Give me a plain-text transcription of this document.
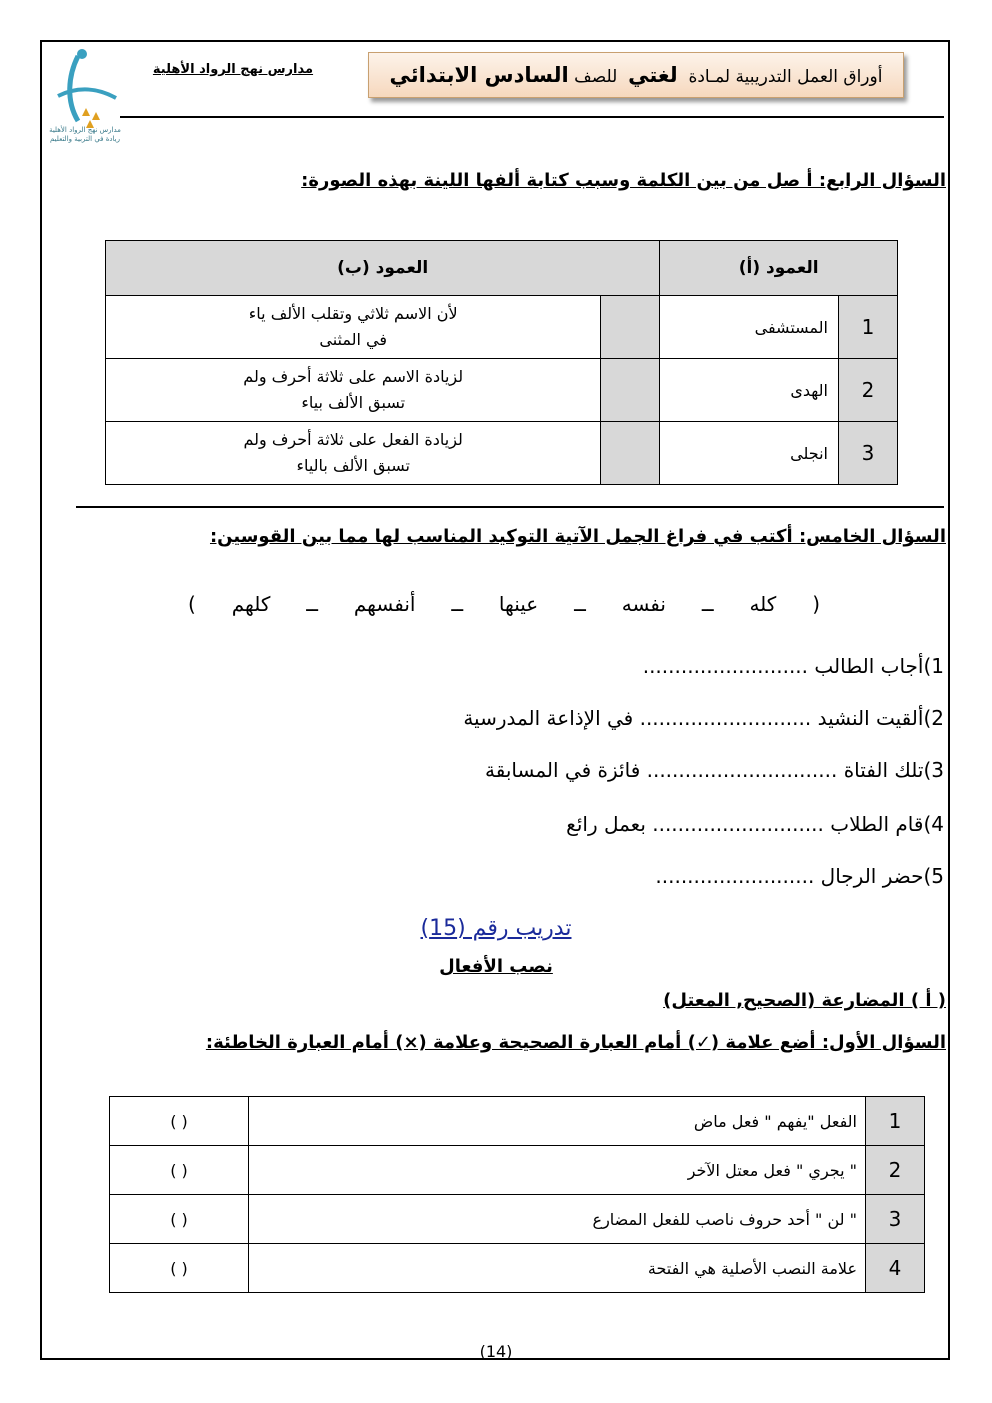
مدارس نهج الرواد الأهلية
مدارس نهج الرواد الأهلية
ريادة في التربية والتعليم
أوراق العمل التدريبية لمـادة  لغتي  للصف السادس الابتدائي
السؤال الرابع: أ صل من بين الكلمة وسبب كتابة ألفها اللينة بهذه الصورة:
العمود (أ)		العمود (ب)	
1	المستشفى		لأن الاسم ثلاثي وتقلب الألف ياء
في المثنى

2	الهدى		لزيادة الاسم على ثلاثة أحرف ولم
تسبق الألف بياء

3	انجلى		لزيادة الفعل على ثلاثة أحرف ولم
تسبق الألف بالياء
السؤال الخامس: أكتب في فراغ الجمل الآتية التوكيد المناسب لها مما بين القوسين:
(
كله
ــ
نفسه
ــ
عينها
ــ
أنفسهم
ــ
كلهم
)
1)أجاب الطالب ..........................
2)ألقيت النشيد ........................... في الإذاعة المدرسية
3)تلك الفتاة .............................. فائزة في المسابقة
4)قام الطلاب ........................... بعمل رائع
5)حضر الرجال .........................
تدريب رقم (15)
نصب الأفعال
( أ ) المضارعة (الصحيح, المعتل)
السؤال الأول: أضع علامة (✓) أمام العبارة الصحيحة وعلامة (×) أمام العبارة الخاطئة:
1	الفعل "يفهم " فعل ماض	( )
2	" يجري " فعل معتل الآخر	( )
3	" لن " أحد حروف ناصب للفعل المضارع	( )
4	علامة النصب الأصلية هي الفتحة	( )
(14)
